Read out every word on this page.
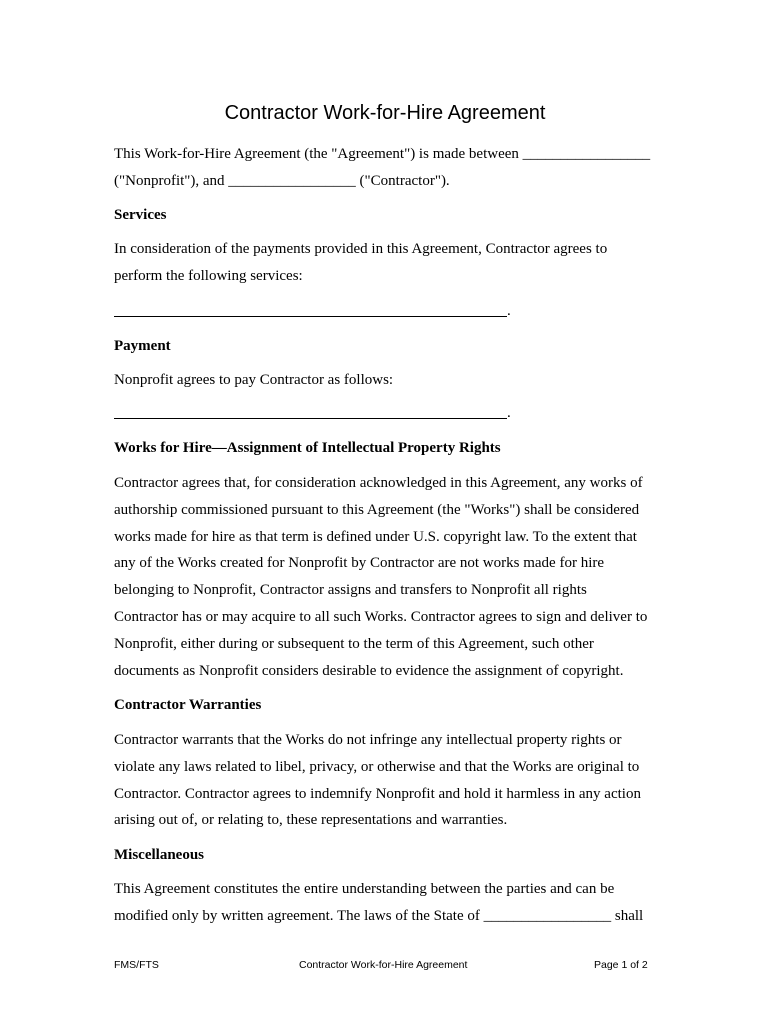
Contractor Work-for-Hire Agreement
This Work-for-Hire Agreement (the "Agreement") is made between _________________
("Nonprofit"), and _________________ ("Contractor").
Services
In consideration of the payments provided in this Agreement, Contractor agrees to
perform the following services:
.
Payment
Nonprofit agrees to pay Contractor as follows:
.
Works for Hire—Assignment of Intellectual Property Rights
Contractor agrees that, for consideration acknowledged in this Agreement, any works of
authorship commissioned pursuant to this Agreement (the "Works") shall be considered
works made for hire as that term is defined under U.S. copyright law. To the extent that
any of the Works created for Nonprofit by Contractor are not works made for hire
belonging to Nonprofit, Contractor assigns and transfers to Nonprofit all rights
Contractor has or may acquire to all such Works. Contractor agrees to sign and deliver to
Nonprofit, either during or subsequent to the term of this Agreement, such other
documents as Nonprofit considers desirable to evidence the assignment of copyright.
Contractor Warranties
Contractor warrants that the Works do not infringe any intellectual property rights or
violate any laws related to libel, privacy, or otherwise and that the Works are original to
Contractor. Contractor agrees to indemnify Nonprofit and hold it harmless in any action
arising out of, or relating to, these representations and warranties.
Miscellaneous
This Agreement constitutes the entire understanding between the parties and can be
modified only by written agreement. The laws of the State of _________________ shall
FMS/FTS	Contractor Work-for-Hire Agreement	Page 1 of 2
